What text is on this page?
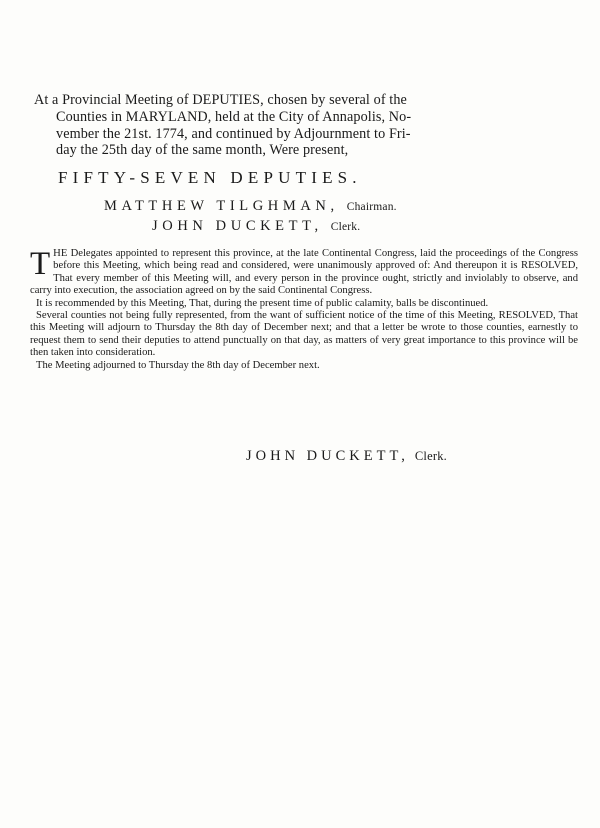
At a Provincial Meeting of DEPUTIES, chosen by several of the

Counties in MARYLAND, held at the City of Annapolis, No-

vember the 21st. 1774, and continued by Adjournment to Fri-

day the 25th day of the same month, Were present,

FIFTY-SEVEN DEPUTIES.
MATTHEW TILGHMAN, Chairman.
JOHN DUCKETT, Clerk.
T HE Delegates appointed to represent this province, at the late Continental Congress, laid the proceedings of the Congress before this Meeting, which being read and considered, were unanimously approved of: And thereupon it is RESOLVED, That every member of this Meeting will, and every person in the province ought, strictly and inviolably to observe, and carry into execution, the association agreed on by the said Continental Congress.

It is recommended by this Meeting, That, during the present time of public calamity, balls be discontinued.

Several counties not being fully represented, from the want of sufficient notice of the time of this Meeting, RESOLVED, That this Meeting will adjourn to Thursday the 8th day of December next; and that a letter be wrote to those counties, earnestly to request them to send their deputies to attend punctually on that day, as matters of very great importance to this province will be then taken into consideration.

The Meeting adjourned to Thursday the 8th day of December next.

JOHN DUCKETT, Clerk.
